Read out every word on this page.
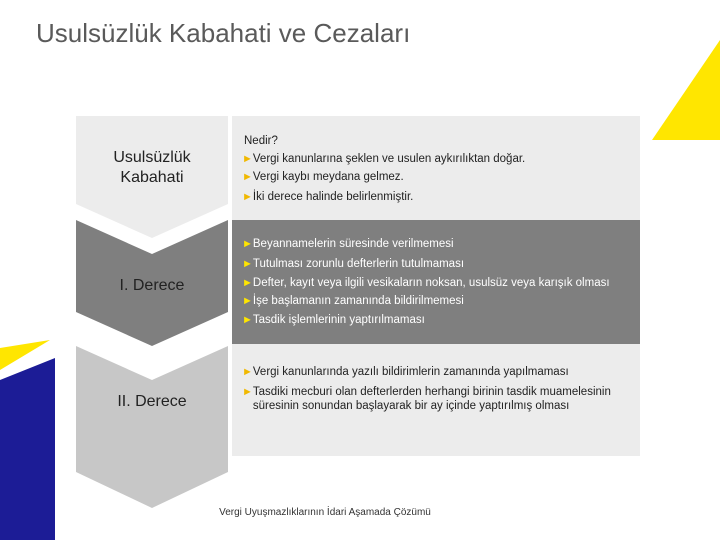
Usulsüzlük Kabahati ve Cezaları
Nedir?
►Vergi kanunlarına şeklen ve usulen aykırılıktan doğar.
►Vergi kaybı meydana gelmez.
►İki derece halinde belirlenmiştir.
►Beyannamelerin süresinde verilmemesi
►Tutulması zorunlu defterlerin tutulmaması
►Defter, kayıt veya ilgili vesikaların noksan, usulsüz veya karışık olması
►İşe başlamanın zamanında bildirilmemesi
►Tasdik işlemlerinin yaptırılmaması
►Vergi kanunlarında yazılı bildirimlerin zamanında yapılmaması
►Tasdiki mecburi olan defterlerden herhangi birinin tasdik muamelesinin
süresinin sonundan başlayarak bir ay içinde yaptırılmış olması
Usulsüzlük
Kabahati
I. Derece
II. Derece
Vergi Uyuşmazlıklarının İdari Aşamada Çözümü
